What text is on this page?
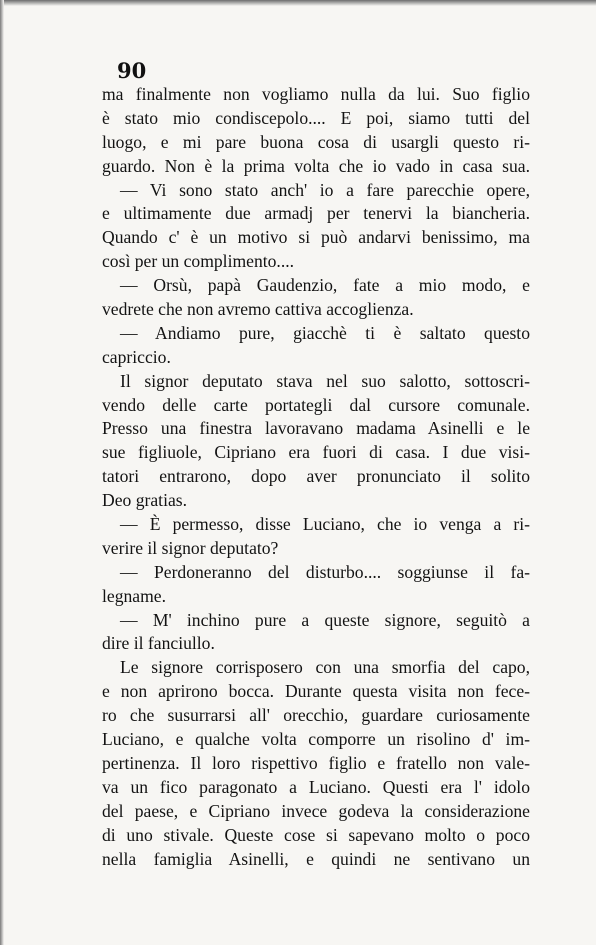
90
ma finalmente non vogliamo nulla da lui. Suo figlio
è stato mio condiscepolo.... E poi, siamo tutti del
luogo, e mi pare buona cosa di usargli questo ri-
guardo. Non è la prima volta che io vado in casa sua.
— Vi sono stato anch' io a fare parecchie opere,
e ultimamente due armadj per tenervi la biancheria.
Quando c' è un motivo si può andarvi benissimo, ma
così per un complimento....
— Orsù, papà Gaudenzio, fate a mio modo, e
vedrete che non avremo cattiva accoglienza.
— Andiamo pure, giacchè ti è saltato questo
capriccio.
Il signor deputato stava nel suo salotto, sottoscri-
vendo delle carte portategli dal cursore comunale.
Presso una finestra lavoravano madama Asinelli e le
sue figliuole, Cipriano era fuori di casa. I due visi-
tatori entrarono, dopo aver pronunciato il solito
Deo gratias.
— È permesso, disse Luciano, che io venga a ri-
verire il signor deputato?
— Perdoneranno del disturbo.... soggiunse il fa-
legname.
— M' inchino pure a queste signore, seguitò a
dire il fanciullo.
Le signore corrisposero con una smorfia del capo,
e non aprirono bocca. Durante questa visita non fece-
ro che susurrarsi all' orecchio, guardare curiosamente
Luciano, e qualche volta comporre un risolino d' im-
pertinenza. Il loro rispettivo figlio e fratello non vale-
va un fico paragonato a Luciano. Questi era l' idolo
del paese, e Cipriano invece godeva la considerazione
di uno stivale. Queste cose si sapevano molto o poco
nella famiglia Asinelli, e quindi ne sentivano un
